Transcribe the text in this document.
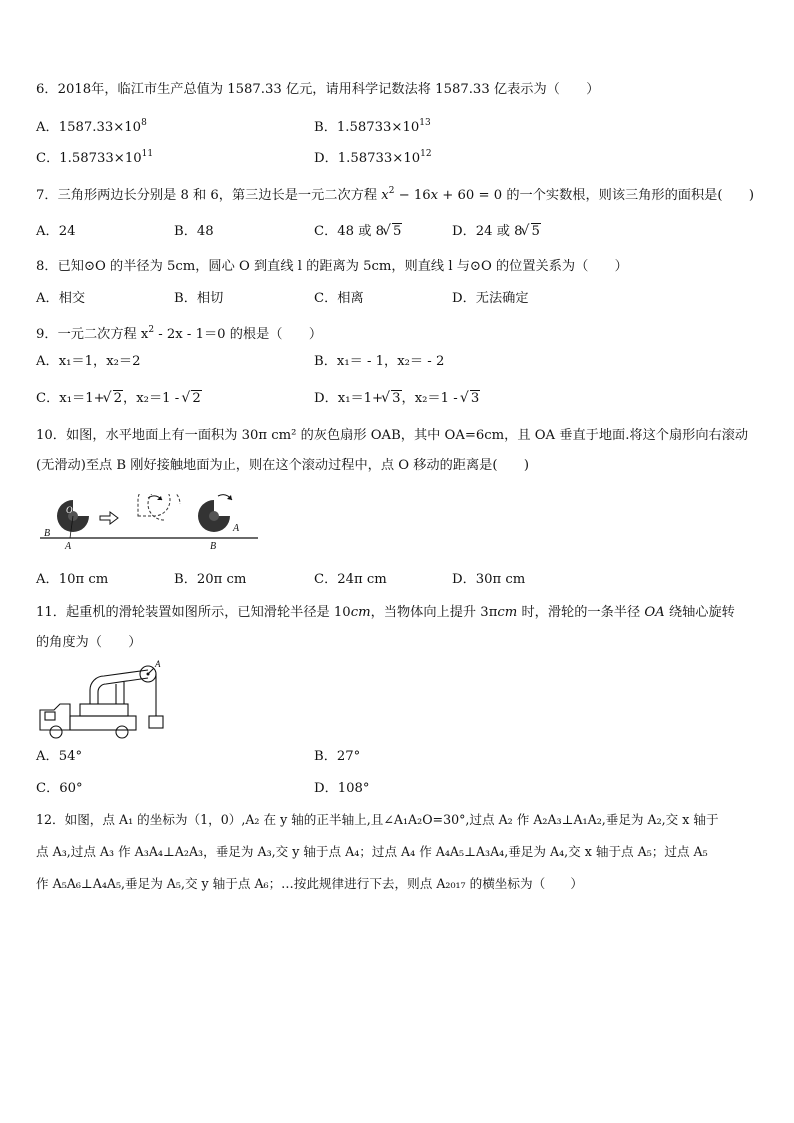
6．2018年，临江市生产总值为 1587.33 亿元，请用科学记数法将 1587.33 亿表示为（　　）
A．$1587.33\times 10^8$	B．$1.58733\times 10^{13}$
C．$1.58733\times 10^{11}$	D．$1.58733\times 10^{12}$
7．三角形两边长分别是 8 和 6，第三边长是一元二次方程 $x^2 - 16x + 60 = 0$ 的一个实数根，则该三角形的面积是(　　)
A．24	B．48	C．48 或 8 √ 5	D．24 或 8 √ 5
8．已知⊙O 的半径为 5cm，圆心 O 到直线 l 的距离为 5cm，则直线 l 与⊙O 的位置关系为（　　）
A．相交	B．相切	C．相离	D．无法确定
9．一元二次方程 $x^2 - 2x - 1=0$ 的根是（　　）
A．x₁＝1，x₂＝2	B．x₁＝ - 1，x₂＝ - 2
C．x₁＝1+ √ 2，x₂＝1 - √ 2	D．x₁＝1+ √ 3，x₂＝1 - √ 3
10．如图，水平地面上有一面积为 30π cm² 的灰色扇形 OAB，其中 OA=6cm，且 OA 垂直于地面.将这个扇形向右滚动
(无滑动)至点 B 刚好接触地面为止，则在这个滚动过程中，点 O 移动的距离是(　　)
O
B
A
A
B
A．10π cm	B．20π cm	C．24π cm	D．30π cm
11．起重机的滑轮装置如图所示，已知滑轮半径是 10cm，当物体向上提升 3πcm 时，滑轮的一条半径 OA 绕轴心旋转
的角度为（　　）
A
A．54°	B．27°
C．60°	D．108°
12．如图，点 A₁ 的坐标为（1，0）,A₂ 在 y 轴的正半轴上,且∠A₁A₂O=30°,过点 A₂ 作 A₂A₃⊥A₁A₂,垂足为 A₂,交 x 轴于
点 A₃,过点 A₃ 作 A₃A₄⊥A₂A₃，垂足为 A₃,交 y 轴于点 A₄；过点 A₄ 作 A₄A₅⊥A₃A₄,垂足为 A₄,交 x 轴于点 A₅；过点 A₅
作 A₅A₆⊥A₄A₅,垂足为 A₅,交 y 轴于点 A₆；…按此规律进行下去，则点 A₂₀₁₇ 的横坐标为（　　）
